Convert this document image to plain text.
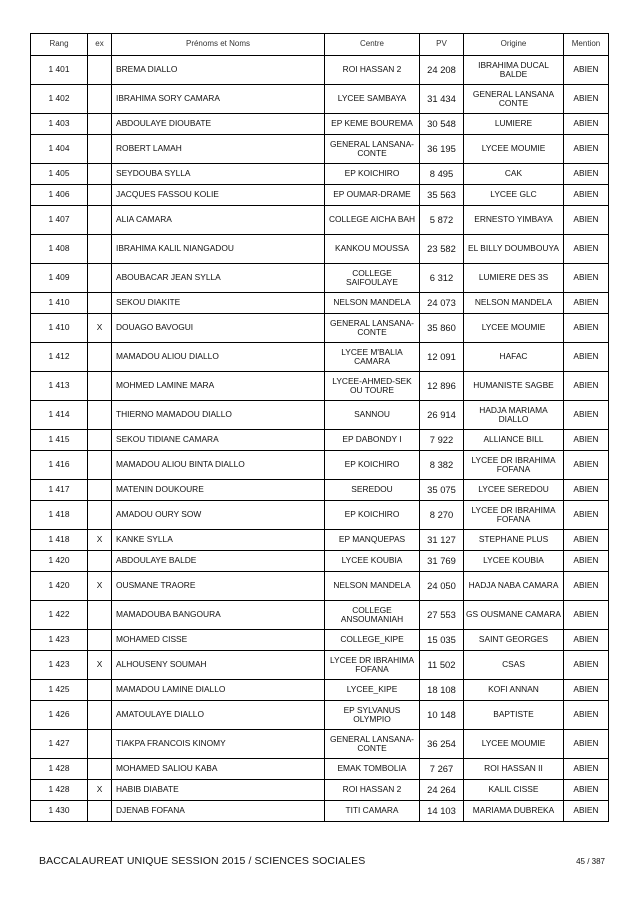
Rang	ex	Prénoms et Noms	Centre	PV	Origine	Mention
1 401		BREMA DIALLO	ROI HASSAN 2	24 208	IBRAHIMA DUCAL BALDE	ABIEN
1 402		IBRAHIMA SORY CAMARA	LYCEE SAMBAYA	31 434	GENERAL LANSANA CONTE	ABIEN
1 403		ABDOULAYE DIOUBATE	EP KEME BOUREMA	30 548	LUMIERE	ABIEN
1 404		ROBERT LAMAH	GENERAL LANSANA-CONTE	36 195	LYCEE MOUMIE	ABIEN
1 405		SEYDOUBA SYLLA	EP KOICHIRO	8 495	CAK	ABIEN
1 406		JACQUES FASSOU KOLIE	EP OUMAR-DRAME	35 563	LYCEE GLC	ABIEN
1 407		ALIA CAMARA	COLLEGE AICHA BAH	5 872	ERNESTO YIMBAYA	ABIEN
1 408		IBRAHIMA KALIL NIANGADOU	KANKOU MOUSSA	23 582	EL BILLY DOUMBOUYA	ABIEN
1 409		ABOUBACAR JEAN SYLLA	COLLEGE SAIFOULAYE	6 312	LUMIERE DES 3S	ABIEN
1 410		SEKOU DIAKITE	NELSON MANDELA	24 073	NELSON MANDELA	ABIEN
1 410	X	DOUAGO BAVOGUI	GENERAL LANSANA-CONTE	35 860	LYCEE MOUMIE	ABIEN
1 412		MAMADOU ALIOU DIALLO	LYCEE M'BALIA CAMARA	12 091	HAFAC	ABIEN
1 413		MOHMED LAMINE MARA	LYCEE-AHMED-SEK OU TOURE	12 896	HUMANISTE SAGBE	ABIEN
1 414		THIERNO MAMADOU DIALLO	SANNOU	26 914	HADJA MARIAMA DIALLO	ABIEN
1 415		SEKOU TIDIANE CAMARA	EP DABONDY I	7 922	ALLIANCE BILL	ABIEN
1 416		MAMADOU ALIOU BINTA DIALLO	EP KOICHIRO	8 382	LYCEE DR IBRAHIMA FOFANA	ABIEN
1 417		MATENIN DOUKOURE	SEREDOU	35 075	LYCEE SEREDOU	ABIEN
1 418		AMADOU OURY SOW	EP KOICHIRO	8 270	LYCEE DR IBRAHIMA FOFANA	ABIEN
1 418	X	KANKE SYLLA	EP MANQUEPAS	31 127	STEPHANE PLUS	ABIEN
1 420		ABDOULAYE BALDE	LYCEE KOUBIA	31 769	LYCEE KOUBIA	ABIEN
1 420	X	OUSMANE TRAORE	NELSON MANDELA	24 050	HADJA NABA CAMARA	ABIEN
1 422		MAMADOUBA BANGOURA	COLLEGE ANSOUMANIAH	27 553	GS OUSMANE CAMARA	ABIEN
1 423		MOHAMED CISSE	COLLEGE_KIPE	15 035	SAINT GEORGES	ABIEN
1 423	X	ALHOUSENY SOUMAH	LYCEE DR IBRAHIMA FOFANA	11 502	CSAS	ABIEN
1 425		MAMADOU LAMINE DIALLO	LYCEE_KIPE	18 108	KOFI ANNAN	ABIEN
1 426		AMATOULAYE DIALLO	EP SYLVANUS OLYMPIO	10 148	BAPTISTE	ABIEN
1 427		TIAKPA FRANCOIS KINOMY	GENERAL LANSANA-CONTE	36 254	LYCEE MOUMIE	ABIEN
1 428		MOHAMED SALIOU KABA	EMAK TOMBOLIA	7 267	ROI HASSAN II	ABIEN
1 428	X	HABIB DIABATE	ROI HASSAN 2	24 264	KALIL CISSE	ABIEN
1 430		DJENAB FOFANA	TITI CAMARA	14 103	MARIAMA DUBREKA	ABIEN
BACCALAUREAT UNIQUE SESSION 2015 / SCIENCES SOCIALES	45 / 387
